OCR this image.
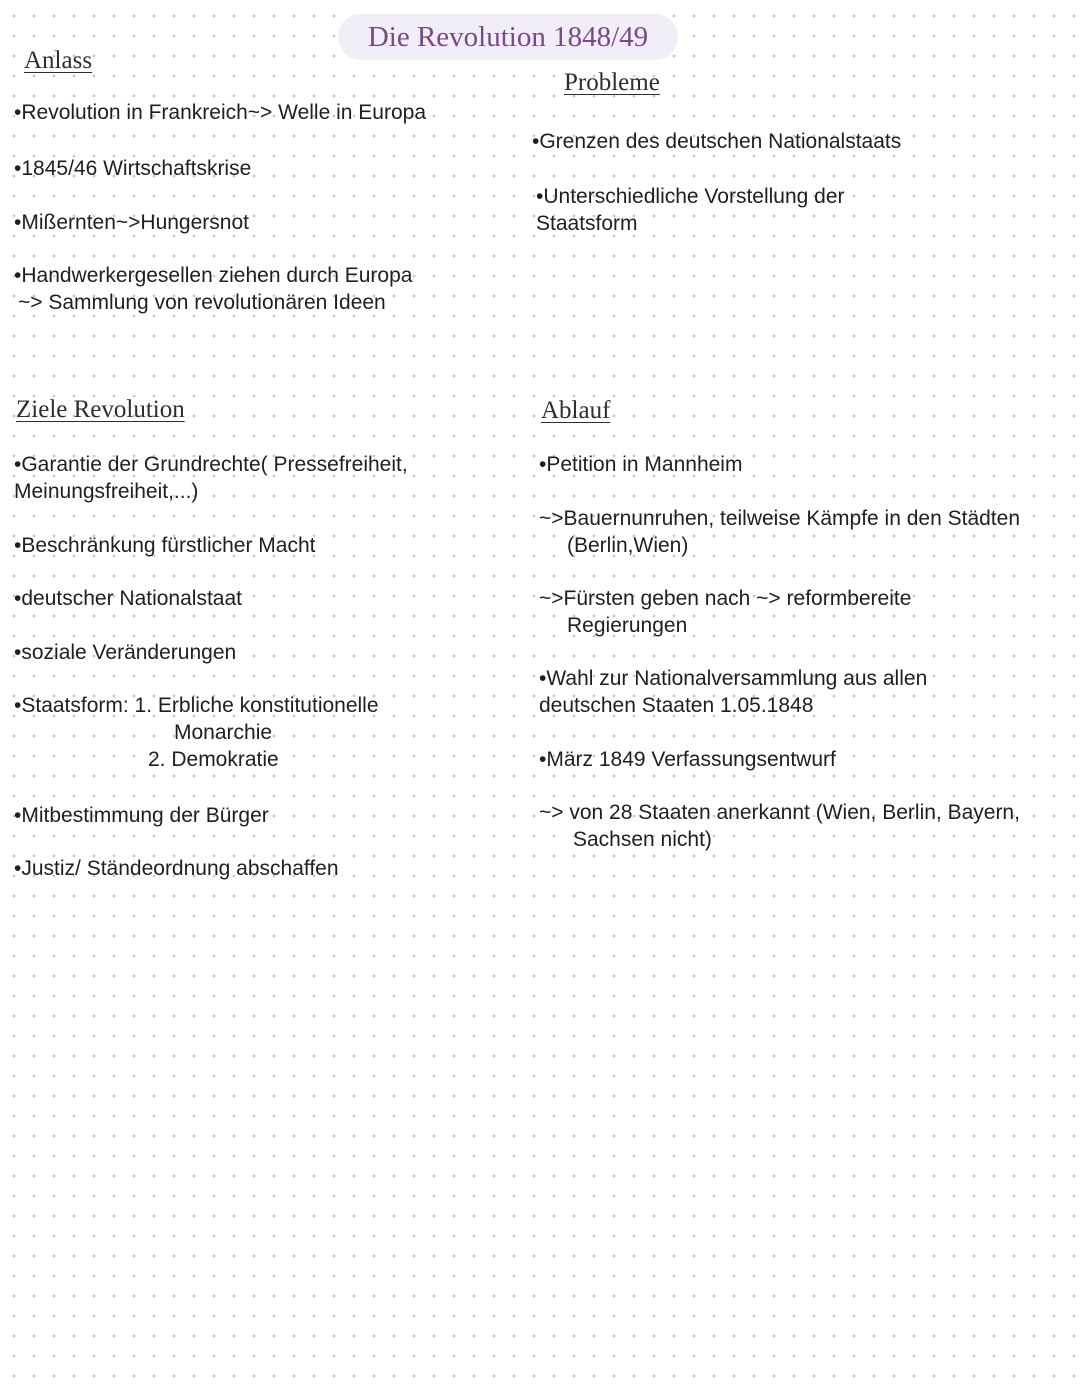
Die Revolution 1848/49
Anlass
•Revolution in Frankreich~> Welle in Europa
•1845/46 Wirtschaftskrise
•Mißernten~>Hungersnot
•Handwerkergesellen ziehen durch Europa
~> Sammlung von revolutionären Ideen
Probleme
•Grenzen des deutschen Nationalstaats
•Unterschiedliche Vorstellung der
Staatsform
Ziele Revolution
•Garantie der Grundrechte( Pressefreiheit,
Meinungsfreiheit,...)
•Beschränkung fürstlicher Macht
•deutscher Nationalstaat
•soziale Veränderungen
•Staatsform: 1. Erbliche konstitutionelle
Monarchie
2. Demokratie
•Mitbestimmung der Bürger
•Justiz/ Ständeordnung abschaffen
Ablauf
•Petition in Mannheim
~>Bauernunruhen, teilweise Kämpfe in den Städten
(Berlin,Wien)
~>Fürsten geben nach ~> reformbereite
Regierungen
•Wahl zur Nationalversammlung aus allen
deutschen Staaten 1.05.1848
•März 1849 Verfassungsentwurf
~> von 28 Staaten anerkannt (Wien, Berlin, Bayern,
Sachsen nicht)
